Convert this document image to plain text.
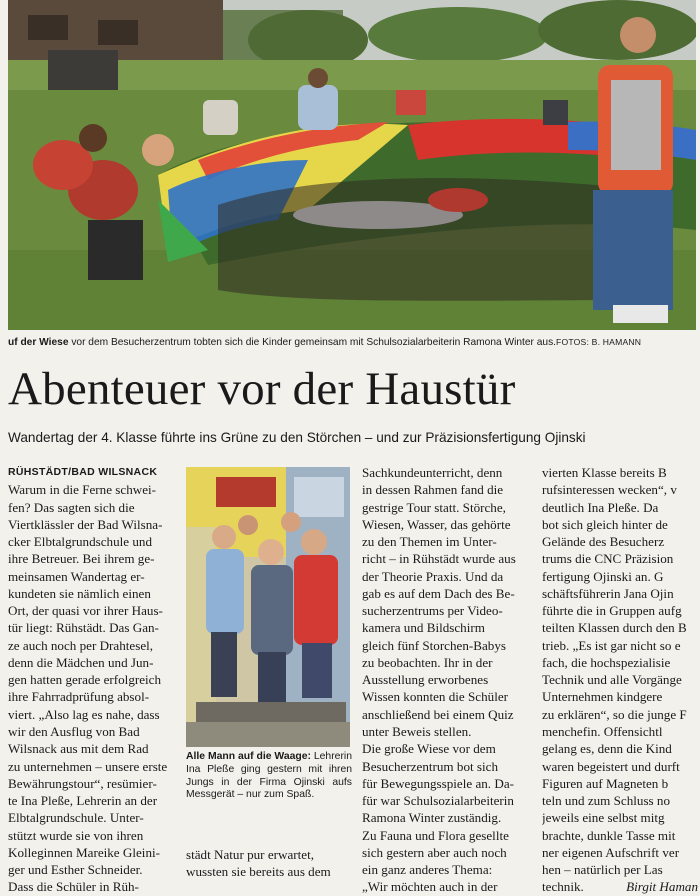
uf der Wiese vor dem Besucherzentrum tobten sich die Kinder gemeinsam mit Schulsozialarbeiterin Ramona Winter aus.FOTOS: B. HAMANN
Abenteuer vor der Haustür
Wandertag der 4. Klasse führte ins Grüne zu den Störchen – und zur Präzisionsfertigung Ojinski
RÜHSTÄDT/BAD WILSNACK
Warum in die Ferne schwei-
fen? Das sagten sich die
Viertklässler der Bad Wilsna-
cker Elbtalgrundschule und
ihre Betreuer. Bei ihrem ge-
meinsamen Wandertag er-
kundeten sie nämlich einen
Ort, der quasi vor ihrer Haus-
tür liegt: Rühstädt. Das Gan-
ze auch noch per Drahtesel,
denn die Mädchen und Jun-
gen hatten gerade erfolgreich
ihre Fahrradprüfung absol-
viert. „Also lag es nahe, dass
wir den Ausflug von Bad
Wilsnack aus mit dem Rad
zu unternehmen – unsere erste
Bewährungstour“, resümier-
te Ina Pleße, Lehrerin an der
Elbtalgrundschule. Unter-
stützt wurde sie von ihren
Kolleginnen Mareike Gleini-
ger und Esther Schneider.
Dass die Schüler in Rüh-
Alle Mann auf die Waage: Lehrerin Ina Pleße ging gestern mit ihren Jungs in der Firma Ojinski aufs Messgerät – nur zum Spaß.
städt Natur pur erwartet,
wussten sie bereits aus dem
Sachkundeunterricht, denn
in dessen Rahmen fand die
gestrige Tour statt. Störche,
Wiesen, Wasser, das gehörte
zu den Themen im Unter-
richt – in Rühstädt wurde aus
der Theorie Praxis. Und da
gab es auf dem Dach des Be-
sucherzentrums per Video-
kamera und Bildschirm
gleich fünf Storchen-Babys
zu beobachten. Ihr in der
Ausstellung erworbenes
Wissen konnten die Schüler
anschließend bei einem Quiz
unter Beweis stellen.
Die große Wiese vor dem
Besucherzentrum bot sich
für Bewegungsspiele an. Da-
für war Schulsozialarbeiterin
Ramona Winter zuständig.
Zu Fauna und Flora gesellte
sich gestern aber auch noch
ein ganz anderes Thema:
„Wir möchten auch in der
vierten Klasse bereits B
rufsinteressen wecken“, v
deutlich Ina Pleße. Da
bot sich gleich hinter de
Gelände des Besucherz
trums die CNC Präzision
fertigung Ojinski an. G
schäftsführerin Jana Ojin
führte die in Gruppen aufg
teilten Klassen durch den B
trieb. „Es ist gar nicht so e
fach, die hochspezialisie
Technik und alle Vorgänge
Unternehmen kindgere
zu erklären“, so die junge F
menchefin. Offensichtl
gelang es, denn die Kind
waren begeistert und durft
Figuren auf Magneten b
teln und zum Schluss no
jeweils eine selbst mitg
brachte, dunkle Tasse mit
ner eigenen Aufschrift ver
hen – natürlich per Las
technik.	Birgit Haman
